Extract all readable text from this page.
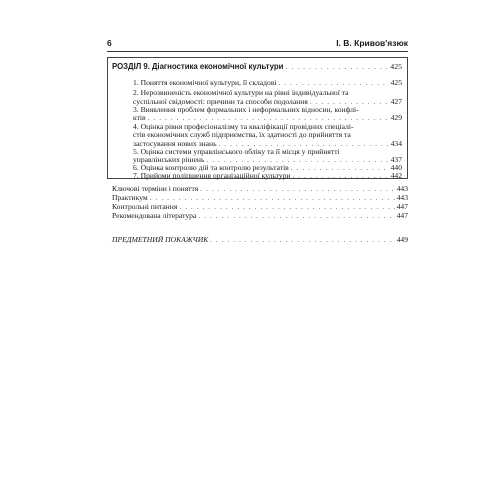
6	І. В. Кривов'язюк
РОЗДІЛ 9. Діагностика економічної культури . . .	425
1. Поняття економічної культури, її складові . . .	425
2. Нерозвиненість економічної культури на рівні індивідуальної та
суспільної свідомості: причини та способи подолання . . .	427
3. Виявлення проблем формальних і неформальних відносин, конфлі-
ктів . . .	429
4. Оцінка рівня професіоналізму та кваліфікації провідних спеціалі-
стів економічних служб підприємства, їх здатності до прийняття та
застосування нових знань . . .	434
5. Оцінка системи управлінського обліку та її місця у прийнятті
управлінських рішень . . .	437
6. Оцінка контролю дій та контролю результатів . . .	440
7. Прийоми поліпшення організаційної культури . . .	442
Ключові терміни і поняття . . .	443
Практикум . . .	443
Контрольні питання . . .	447
Рекомендована література . . .	447
ПРЕДМЕТНИЙ ПОКАЖЧИК . . .	449
